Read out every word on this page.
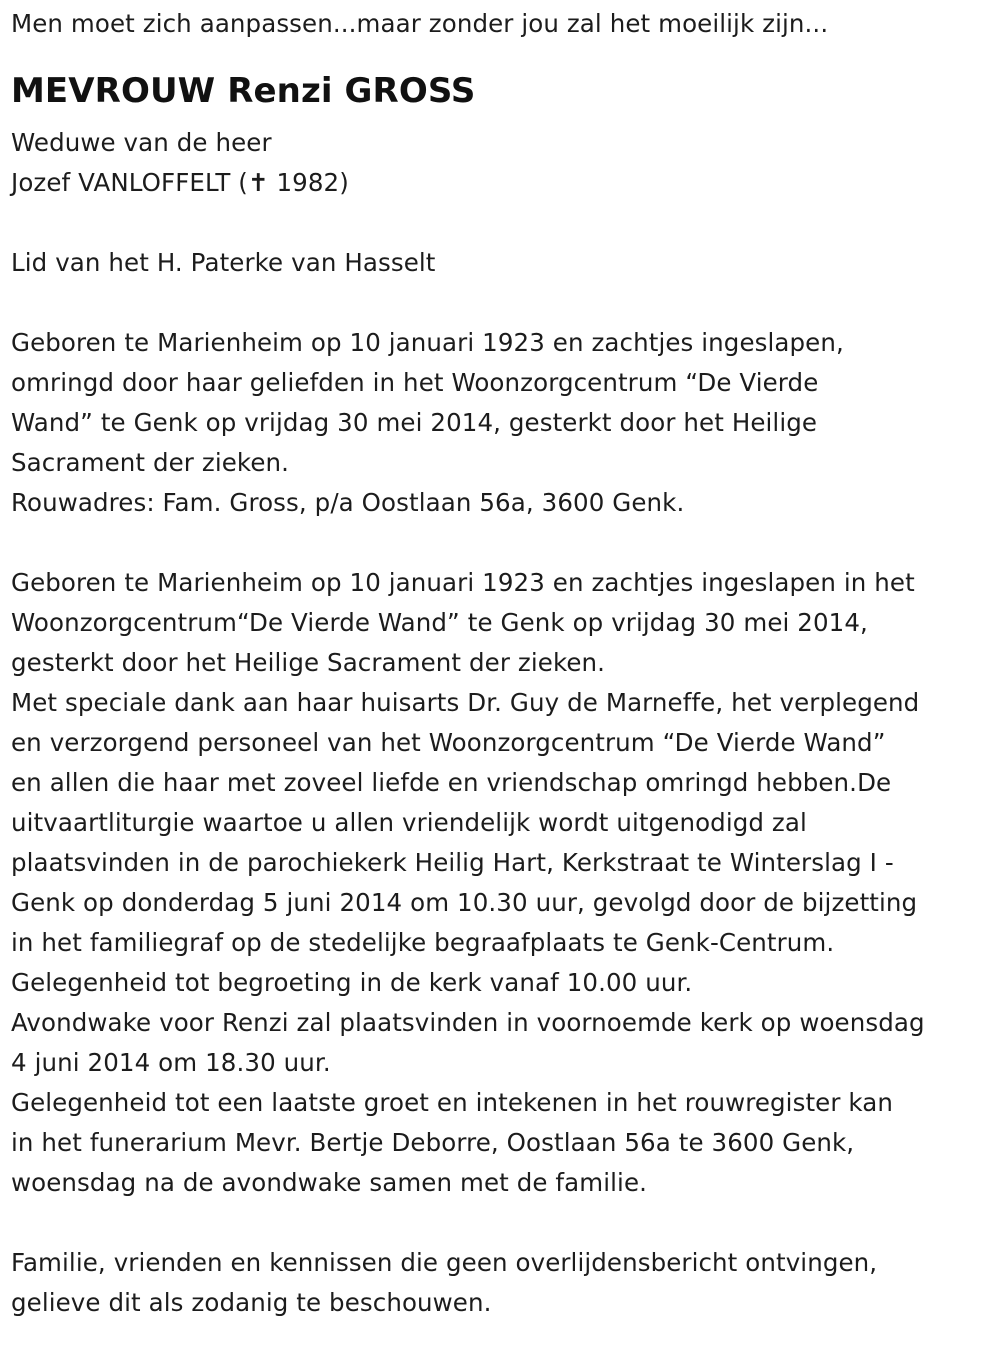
Men moet zich aanpassen...maar zonder jou zal het moeilijk zijn...
MEVROUW Renzi GROSS
Weduwe van de heer
Jozef VANLOFFELT (✝ 1982)
Lid van het H. Paterke van Hasselt
Geboren te Marienheim op 10 januari 1923 en zachtjes ingeslapen,
omringd door haar geliefden in het Woonzorgcentrum “De Vierde
Wand” te Genk op vrijdag 30 mei 2014, gesterkt door het Heilige
Sacrament der zieken.
Rouwadres: Fam. Gross, p/a Oostlaan 56a, 3600 Genk.
Geboren te Marienheim op 10 januari 1923 en zachtjes ingeslapen in het
Woonzorgcentrum“De Vierde Wand” te Genk op vrijdag 30 mei 2014,
gesterkt door het Heilige Sacrament der zieken.
Met speciale dank aan haar huisarts Dr. Guy de Marneffe, het verplegend
en verzorgend personeel van het Woonzorgcentrum “De Vierde Wand”
en allen die haar met zoveel liefde en vriendschap omringd hebben.De
uitvaartliturgie waartoe u allen vriendelijk wordt uitgenodigd zal
plaatsvinden in de parochiekerk Heilig Hart, Kerkstraat te Winterslag I -
Genk op donderdag 5 juni 2014 om 10.30 uur, gevolgd door de bijzetting
in het familiegraf op de stedelijke begraafplaats te Genk-Centrum.
Gelegenheid tot begroeting in de kerk vanaf 10.00 uur.
Avondwake voor Renzi zal plaatsvinden in voornoemde kerk op woensdag
4 juni 2014 om 18.30 uur.
Gelegenheid tot een laatste groet en intekenen in het rouwregister kan
in het funerarium Mevr. Bertje Deborre, Oostlaan 56a te 3600 Genk,
woensdag na de avondwake samen met de familie.
Familie, vrienden en kennissen die geen overlijdensbericht ontvingen,
gelieve dit als zodanig te beschouwen.
